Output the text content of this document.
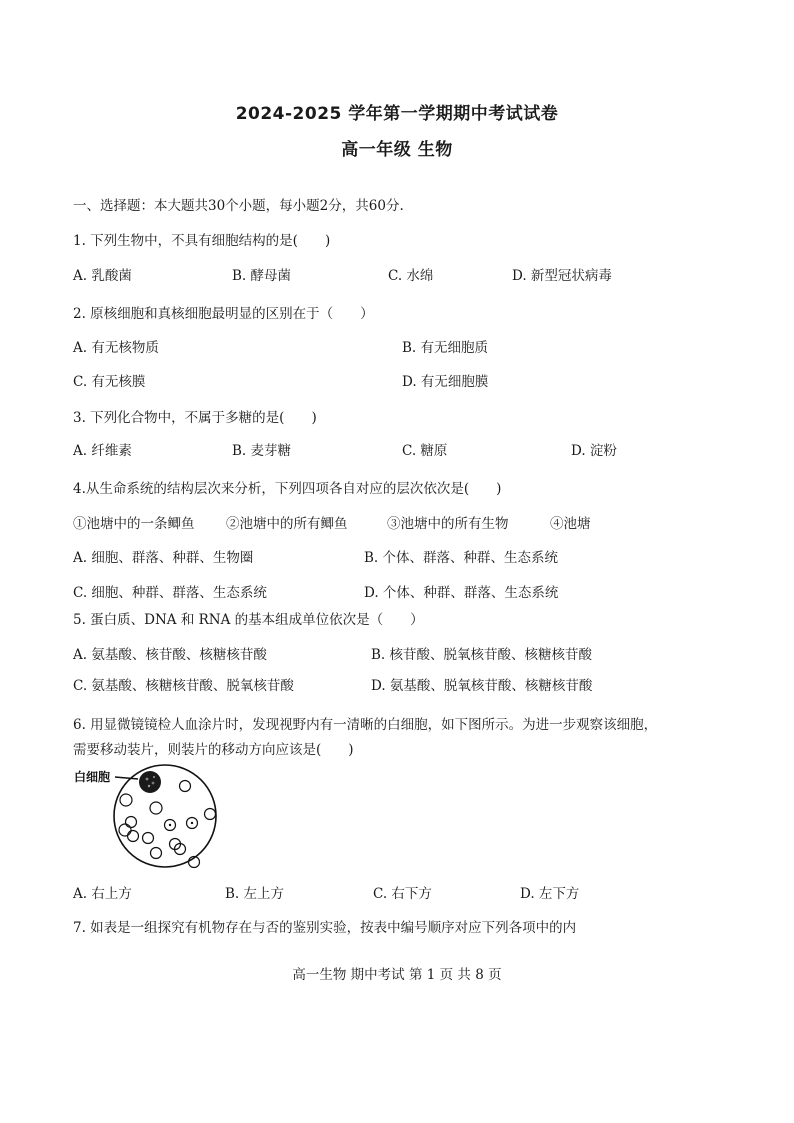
2024-2025 学年第一学期期中考试试卷
高一年级 生物
一、选择题：本大题共30个小题，每小题2分，共60分.
1. 下列生物中，不具有细胞结构的是(　　)
A. 乳酸菌	B. 酵母菌	C. 水绵	D. 新型冠状病毒
2. 原核细胞和真核细胞最明显的区别在于（　　）
A. 有无核物质	B. 有无细胞质
C. 有无核膜	D. 有无细胞膜
3. 下列化合物中，不属于多糖的是(　　)
A. 纤维素	B. 麦芽糖	C. 糖原	D. 淀粉
4.从生命系统的结构层次来分析，下列四项各自对应的层次依次是(　　)
①池塘中的一条鲫鱼 ②池塘中的所有鲫鱼	③池塘中的所有生物	④池塘
A. 细胞、群落、种群、生物圈	B. 个体、群落、种群、生态系统
C. 细胞、种群、群落、生态系统	D. 个体、种群、群落、生态系统
5. 蛋白质、DNA 和 RNA 的基本组成单位依次是（　　）
A. 氨基酸、核苷酸、核糖核苷酸	B. 核苷酸、脱氧核苷酸、核糖核苷酸
C. 氨基酸、核糖核苷酸、脱氧核苷酸	D. 氨基酸、脱氧核苷酸、核糖核苷酸
6. 用显微镜镜检人血涂片时，发现视野内有一清晰的白细胞，如下图所示。为进一步观察该细胞，
需要移动装片，则装片的移动方向应该是(　　)
白细胞
A. 右上方	B. 左上方	C. 右下方	D. 左下方
7. 如表是一组探究有机物存在与否的鉴别实验，按表中编号顺序对应下列各项中的内
高一生物 期中考试 第 1 页 共 8 页
